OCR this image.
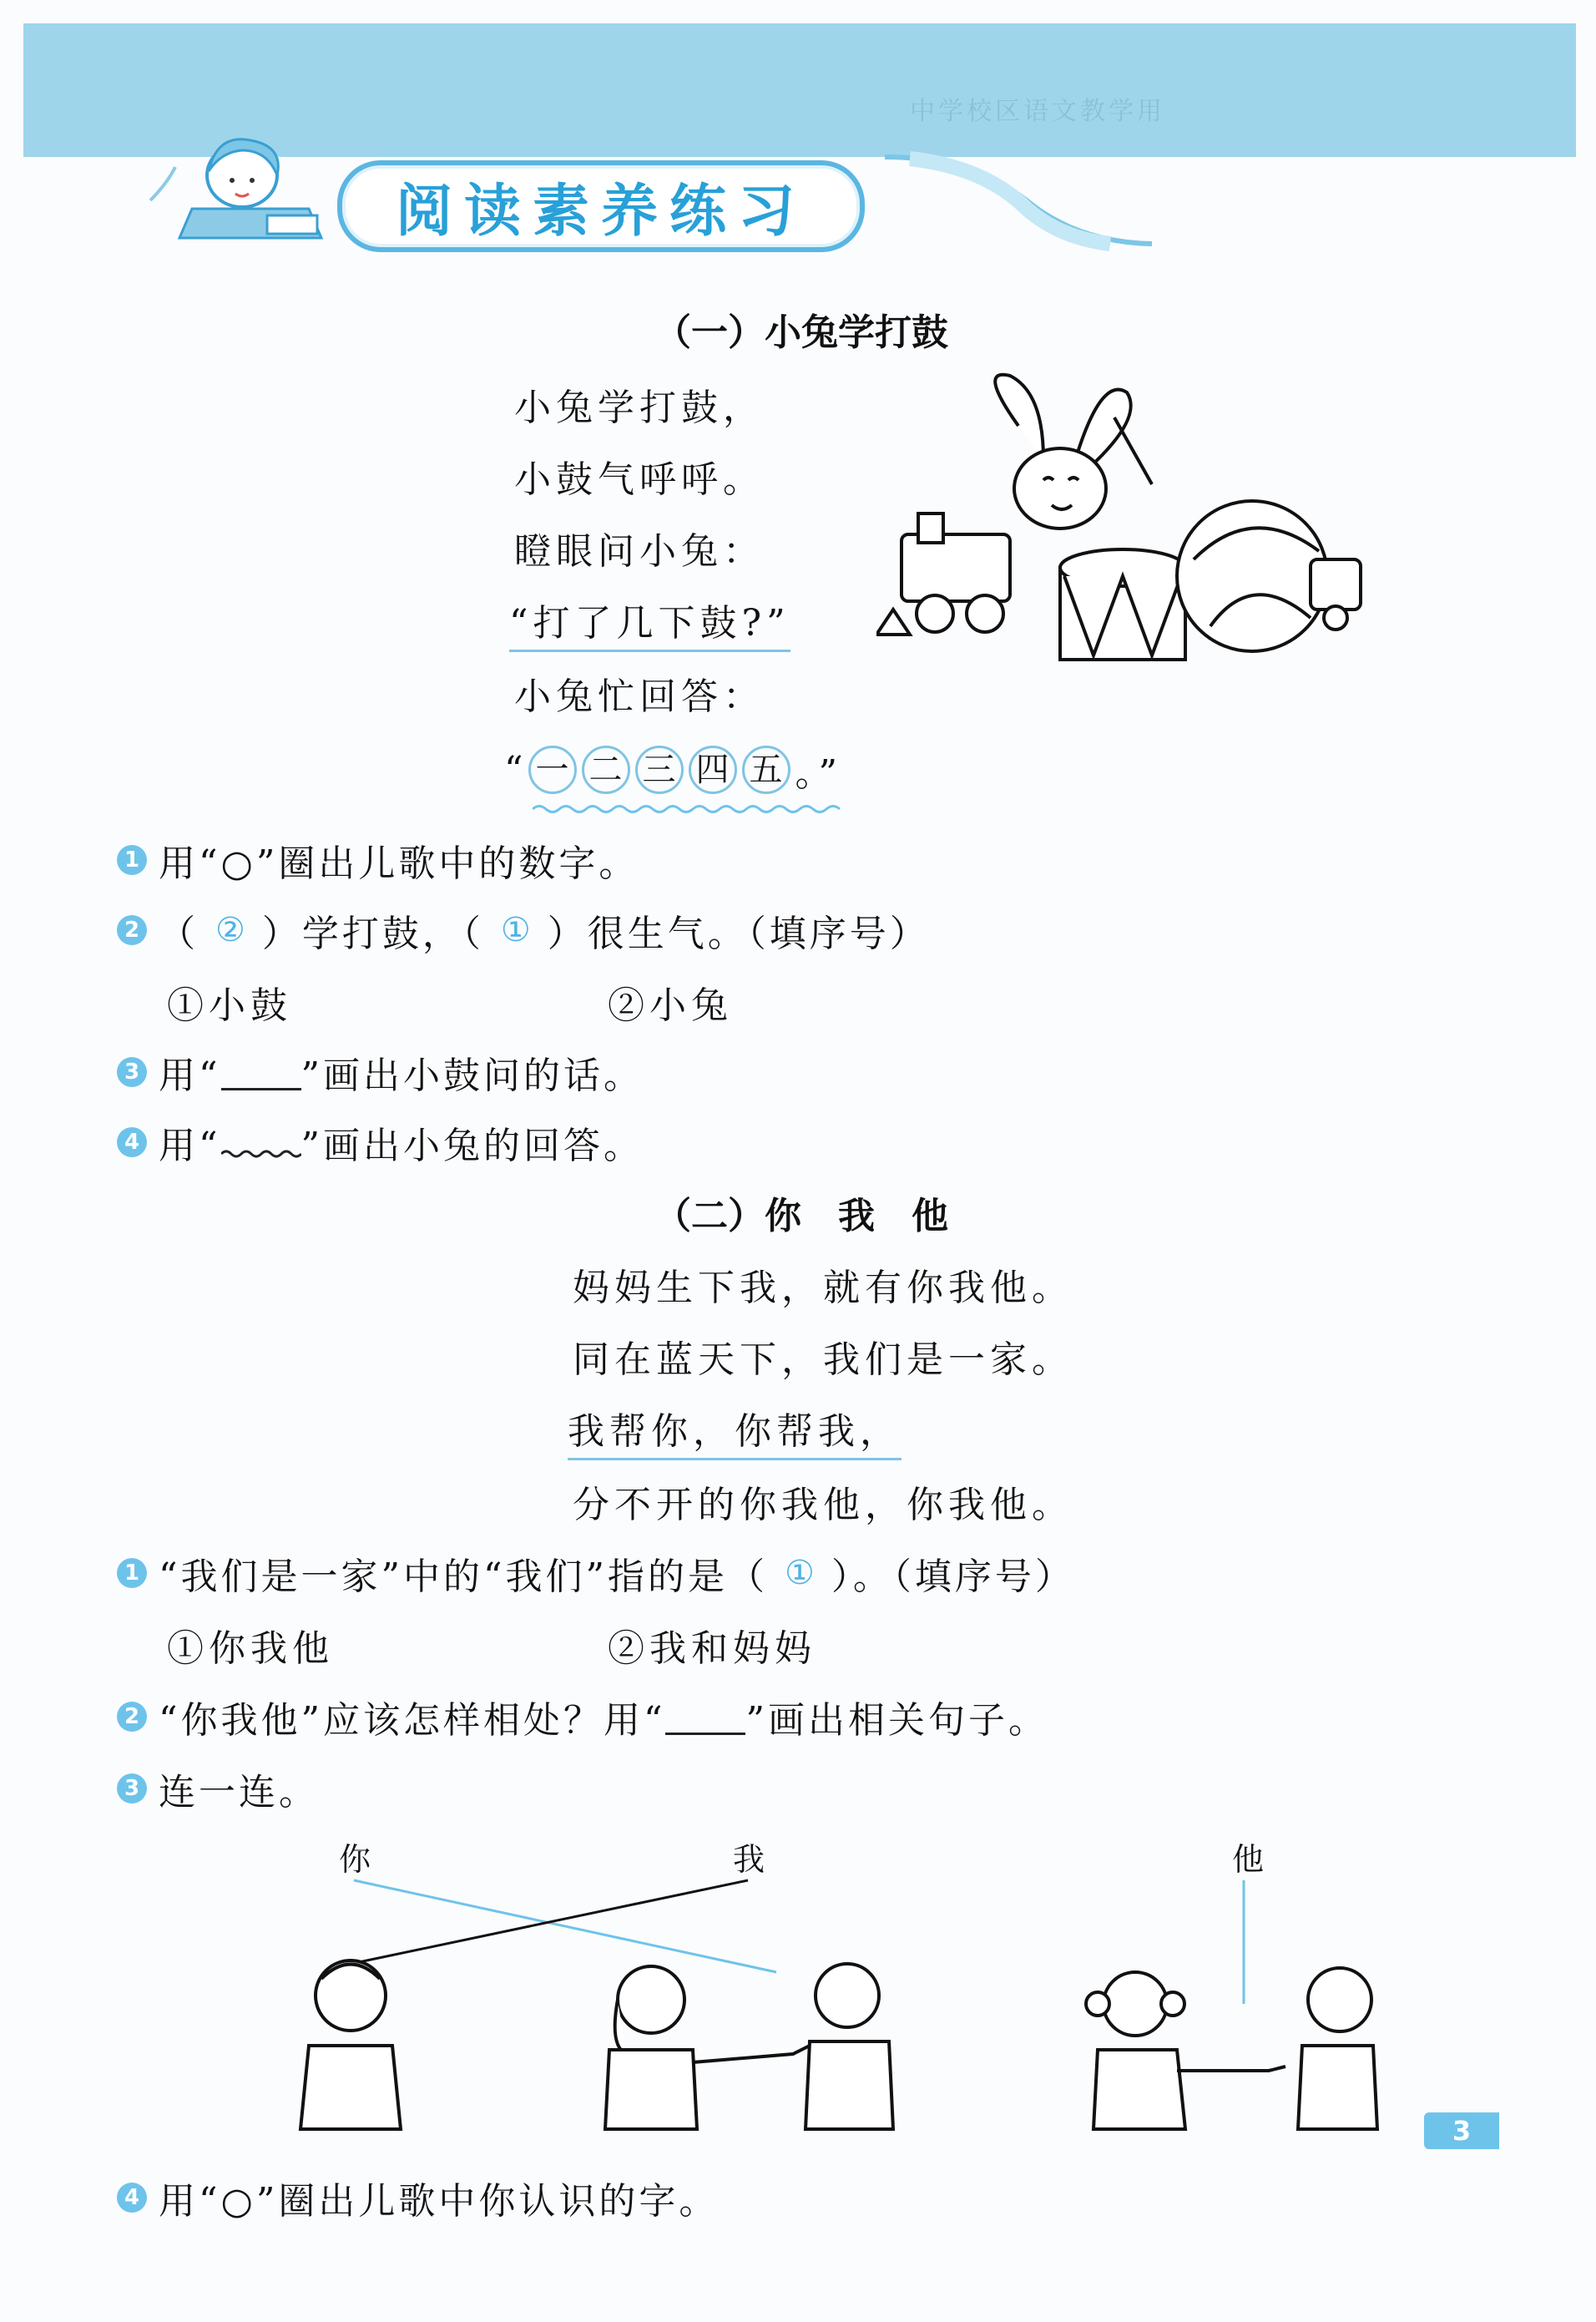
中学校区语文教学用
阅读素养练习
（一）小兔学打鼓
小兔学打鼓，
小鼓气呼呼。
瞪眼问小兔：
“打了几下鼓?”
小兔忙回答：
“ 一 二 三 四 五 。”
1 用“○”圈出儿歌中的数字。
2 （ ② ）学打鼓，（ ① ）很生气。（填序号）
①小鼓	②小兔
3 用“ ”画出小鼓问的话。
4 用“ ”画出小兔的回答。
（二）你　我　他
妈妈生下我，就有你我他。
同在蓝天下，我们是一家。
我帮你，你帮我，
分不开的你我他，你我他。
1 “我们是一家”中的“我们”指的是（ ① ）。（填序号）
①你我他	②我和妈妈
2 “你我他”应该怎样相处？用“ ”画出相关句子。
3 连一连。
你	我	他
4 用“○”圈出儿歌中你认识的字。
3
